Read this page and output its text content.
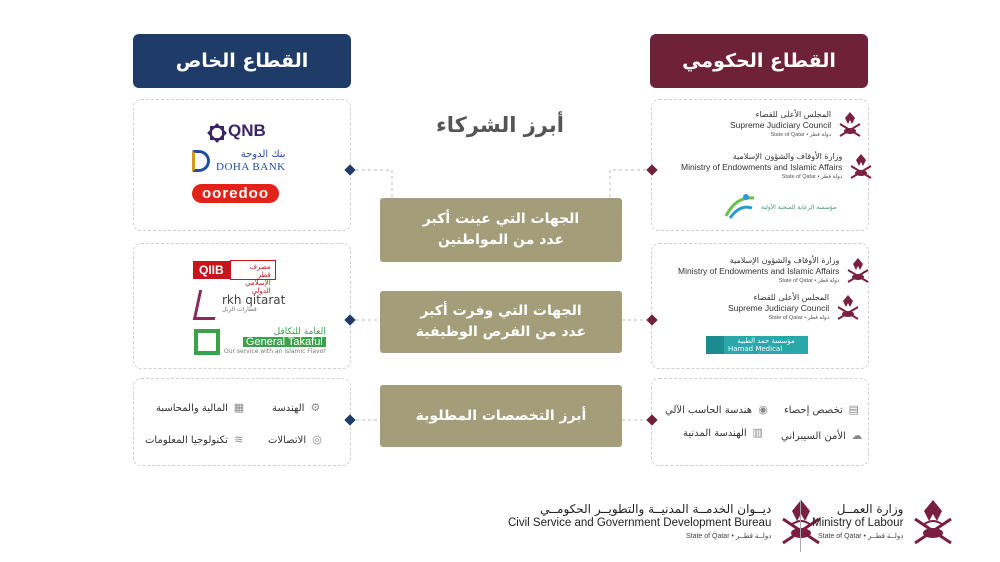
القطاع الخاص	القطاع الحكومي
أبرز الشركاء
الجهات التي عينت أكبر
عدد من المواطنين
الجهات التي وفرت أكبر
عدد من الفرص الوظيفية
أبرز التخصصات المطلوبة
QNB
بنك الدوحة
DOHA BANK
ooredoo
QIIB	مصرف قطر الإسلامي الدولي
rkh qitarat
قطارات الريل
العامة للتكافل
General Takaful
Our service with an Islamic Flavor
⚙
الهندسة
▦
المالية والمحاسبة
◎
الاتصالات
≋
تكنولوجيا المعلومات
المجلس الأعلى للقضاء
Supreme Judiciary Council
State of Qatar • دولة قطر
وزارة الأوقاف والشؤون الإسلامية
Ministry of Endowments and Islamic Affairs
State of Qatar • دولة قطر
مؤسسة الرعاية الصحية الأولية
وزارة الأوقاف والشؤون الإسلامية
Ministry of Endowments and Islamic Affairs
State of Qatar • دولة قطر
المجلس الأعلى للقضاء
Supreme Judiciary Council
State of Qatar • دولة قطر
مؤسسة حمد الطبية
Hamad Medical Corporation
▤
تخصص إحصاء
◉
هندسة الحاسب الآلي
☁
الأمن السيبراني
▥
الهندسة المدنية
ديــوان الخدمــة المدنيــة والتطويــر الحكومــي
Civil Service and Government Development Bureau
State of Qatar • دولــة قطــر
وزارة العمــل
Ministry of Labour
State of Qatar • دولــة قطــر
